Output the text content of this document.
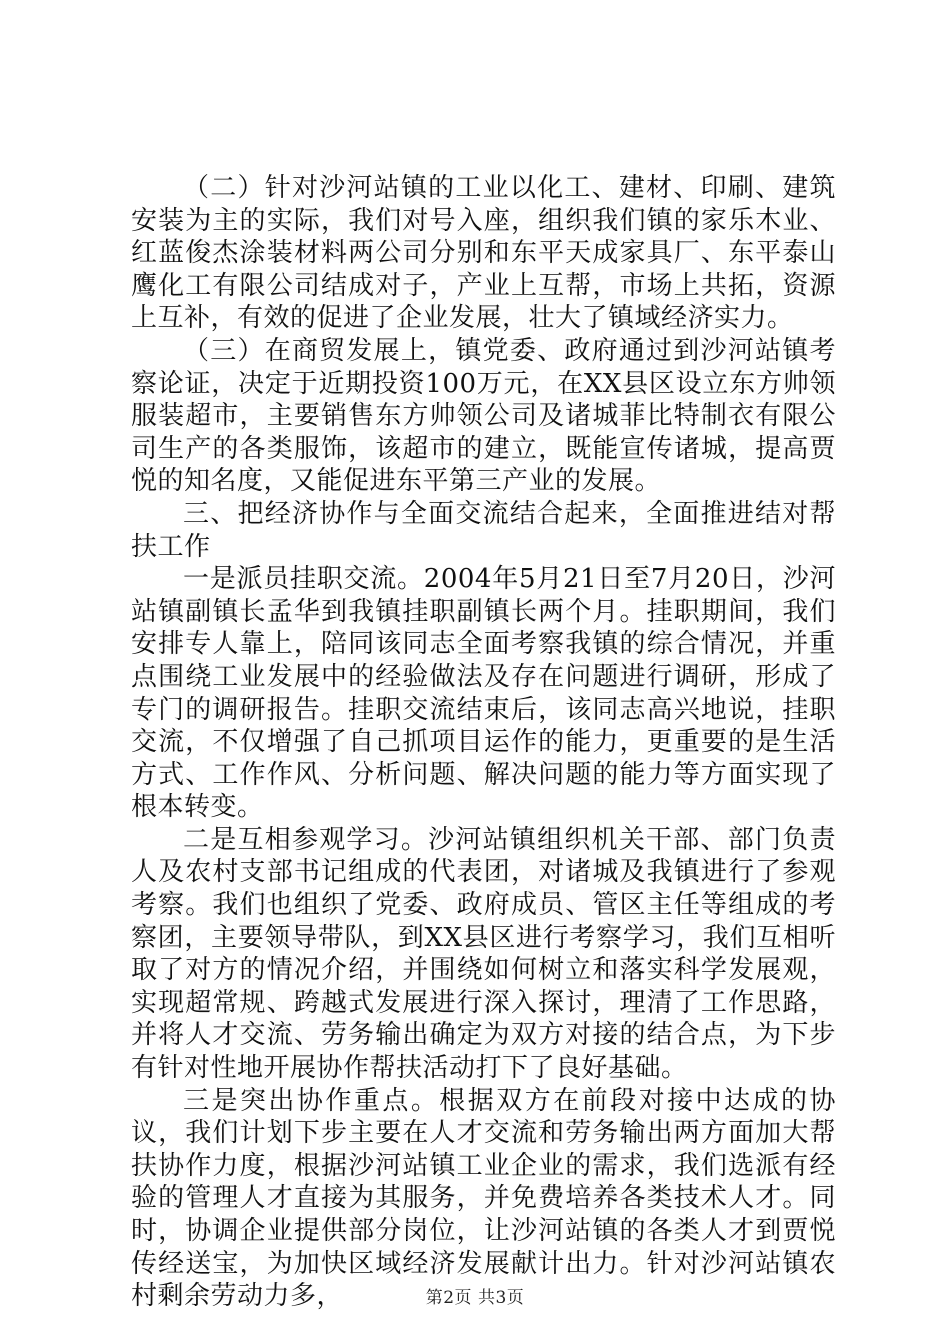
（二）针对沙河站镇的工业以化工、建材、印刷、建筑安装为主的实际，我们对号入座，组织我们镇的家乐木业、红蓝俊杰涂装材料两公司分别和东平天成家具厂、东平泰山鹰化工有限公司结成对子，产业上互帮，市场上共拓，资源上互补，有效的促进了企业发展，壮大了镇域经济实力。

（三）在商贸发展上，镇党委、政府通过到沙河站镇考察论证，决定于近期投资100万元，在XX县区设立东方帅领服装超市，主要销售东方帅领公司及诸城菲比特制衣有限公司生产的各类服饰，该超市的建立，既能宣传诸城，提高贾悦的知名度，又能促进东平第三产业的发展。

三、把经济协作与全面交流结合起来，全面推进结对帮扶工作

一是派员挂职交流。2004年5月21日至7月20日，沙河站镇副镇长孟华到我镇挂职副镇长两个月。挂职期间，我们安排专人靠上，陪同该同志全面考察我镇的综合情况，并重点围绕工业发展中的经验做法及存在问题进行调研，形成了专门的调研报告。挂职交流结束后，该同志高兴地说，挂职交流，不仅增强了自己抓项目运作的能力，更重要的是生活方式、工作作风、分析问题、解决问题的能力等方面实现了根本转变。

二是互相参观学习。沙河站镇组织机关干部、部门负责人及农村支部书记组成的代表团，对诸城及我镇进行了参观考察。我们也组织了党委、政府成员、管区主任等组成的考察团，主要领导带队，到XX县区进行考察学习，我们互相听取了对方的情况介绍，并围绕如何树立和落实科学发展观，实现超常规、跨越式发展进行深入探讨，理清了工作思路，并将人才交流、劳务输出确定为双方对接的结合点，为下步有针对性地开展协作帮扶活动打下了良好基础。

三是突出协作重点。根据双方在前段对接中达成的协议，我们计划下步主要在人才交流和劳务输出两方面加大帮扶协作力度，根据沙河站镇工业企业的需求，我们选派有经验的管理人才直接为其服务，并免费培养各类技术人才。同时，协调企业提供部分岗位，让沙河站镇的各类人才到贾悦传经送宝，为加快区域经济发展献计出力。针对沙河站镇农村剩余劳动力多，	第2页 共3页
